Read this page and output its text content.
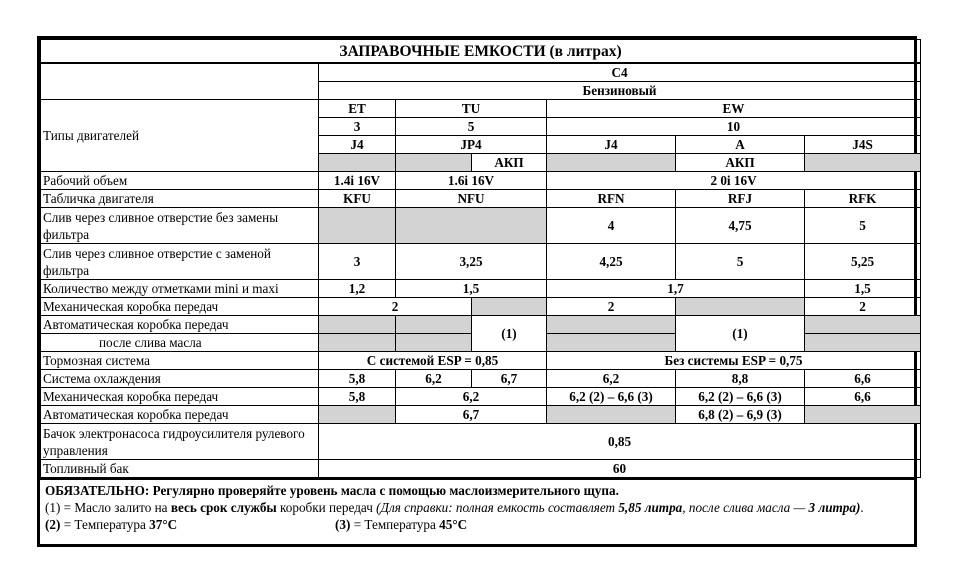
ЗАПРАВОЧНЫЕ ЕМКОСТИ (в литрах)						
	C4					
	Бензиновый					
Типы двигателей	ET	TU		EW		
	3	5		10		
	J4	JP4		J4	A	J4S
			АКП		АКП	
Рабочий объем	1.4i 16V	1.6i 16V		2 0i 16V		
Табличка двигателя	KFU	NFU		RFN	RFJ	RFK
Слив через сливное отверстие без замены фильтра				4	4,75	5
Слив через сливное отверстие с заменой фильтра	3	3,25		4,25	5	5,25
Количество между отметками mini и maxi	1,2	1,5		1,7		1,5
Механическая коробка передач	2			2		2
Автоматическая коробка передач			(1)		(1)	
после слива масла						
Тормозная система	С системой ESP = 0,85			Без системы ESP = 0,75		
Система охлаждения	5,8	6,2	6,7	6,2	8,8	6,6
Механическая коробка передач	5,8	6,2		6,2 (2) – 6,6 (3)	6,2 (2) – 6,6 (3)	6,6
Автоматическая коробка передач		6,7			6,8 (2) – 6,9 (3)	
Бачок электронасоса гидроусилителя рулевого управления	0,85					
Топливный бак	60					

ОБЯЗАТЕЛЬНО: Регулярно проверяйте уровень масла с помощью маслоизмерительного щупа.

(1) = Масло залито на весь срок службы коробки передач (Для справки: полная емкость составляет 5,85 литра, после слива масла — 3 литра).

(2) = Температура 37°C	(3) = Температура 45°C
